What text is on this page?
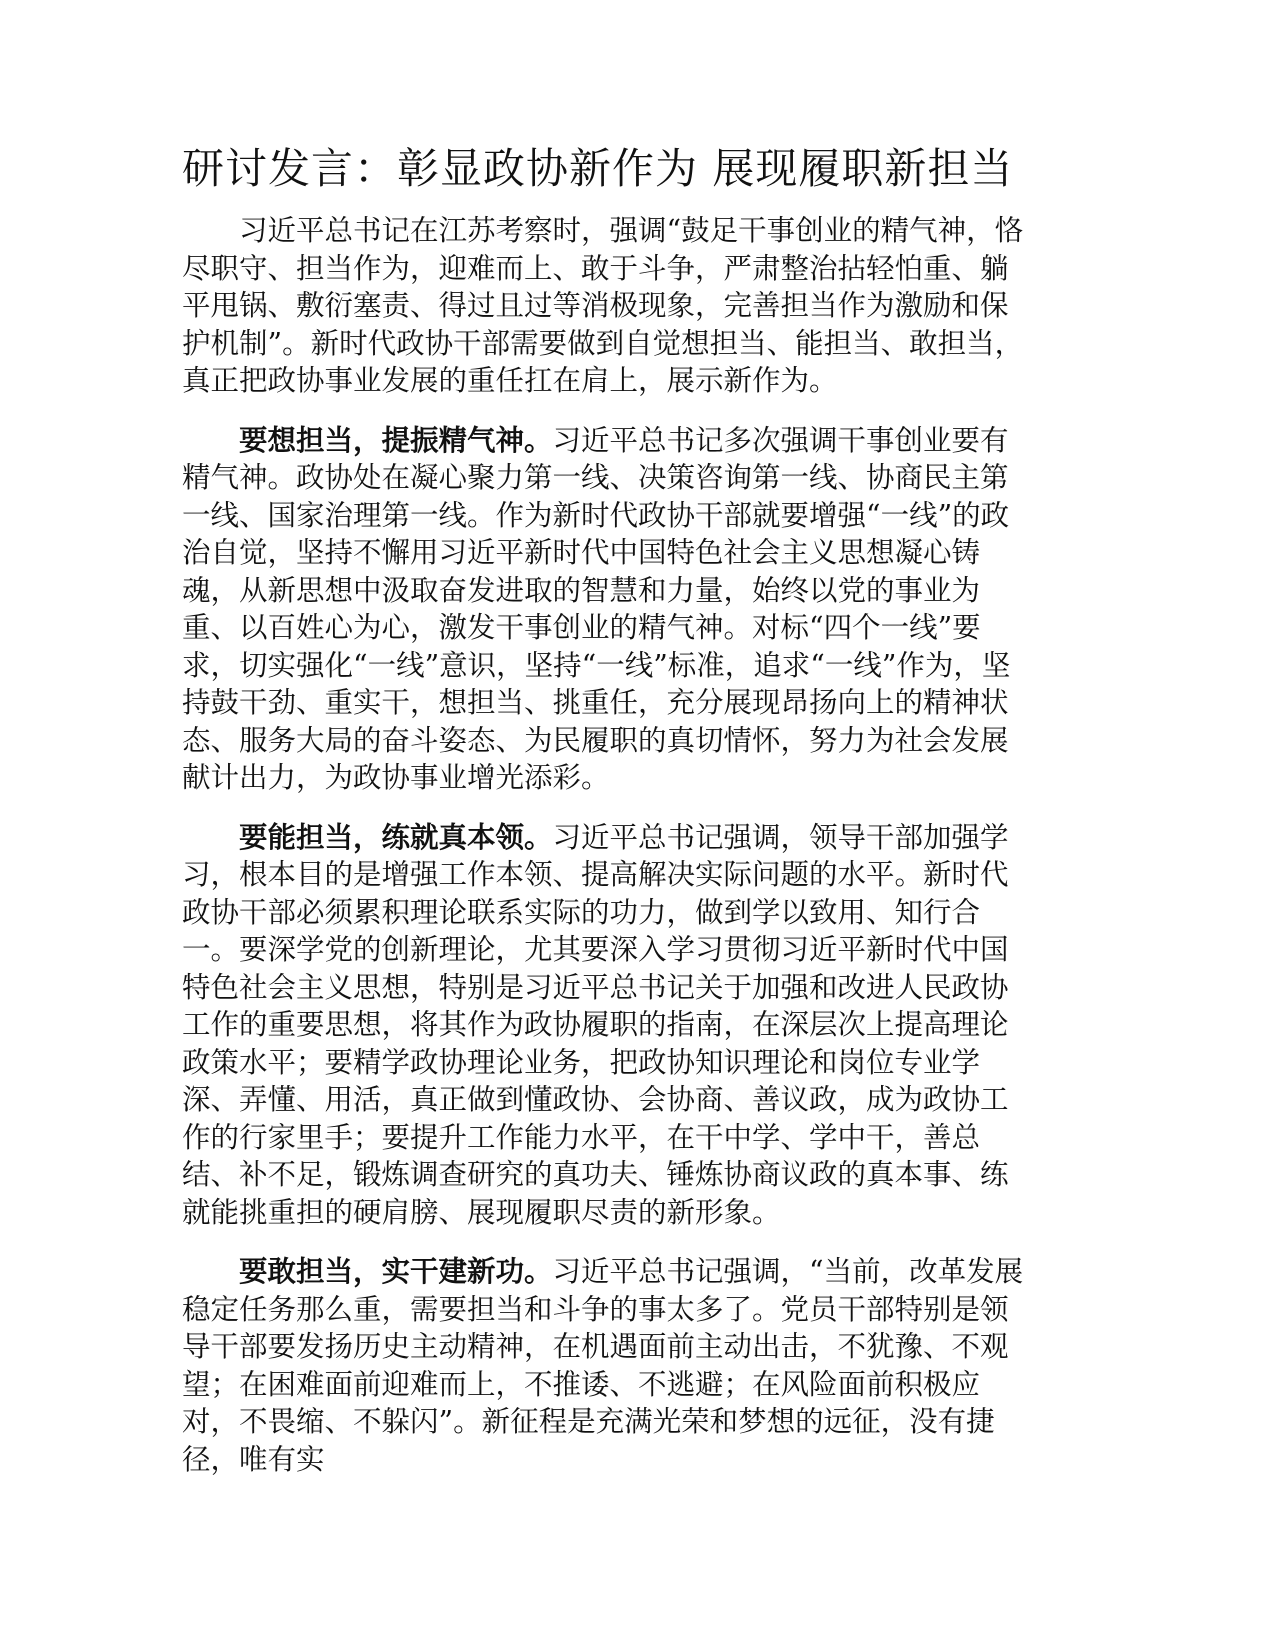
研讨发言：彰显政协新作为 展现履职新担当

习近平总书记在江苏考察时，强调“鼓足干事创业的精气神，恪尽职守、担当作为，迎难而上、敢于斗争，严肃整治拈轻怕重、躺平甩锅、敷衍塞责、得过且过等消极现象，完善担当作为激励和保护机制”。新时代政协干部需要做到自觉想担当、能担当、敢担当，真正把政协事业发展的重任扛在肩上，展示新作为。

要想担当，提振精气神。习近平总书记多次强调干事创业要有精气神。政协处在凝心聚力第一线、决策咨询第一线、协商民主第一线、国家治理第一线。作为新时代政协干部就要增强“一线”的政治自觉，坚持不懈用习近平新时代中国特色社会主义思想凝心铸魂，从新思想中汲取奋发进取的智慧和力量，始终以党的事业为重、以百姓心为心，激发干事创业的精气神。对标“四个一线”要求，切实强化“一线”意识，坚持“一线”标准，追求“一线”作为，坚持鼓干劲、重实干，想担当、挑重任，充分展现昂扬向上的精神状态、服务大局的奋斗姿态、为民履职的真切情怀，努力为社会发展献计出力，为政协事业增光添彩。

要能担当，练就真本领。习近平总书记强调，领导干部加强学习，根本目的是增强工作本领、提高解决实际问题的水平。新时代政协干部必须累积理论联系实际的功力，做到学以致用、知行合一。要深学党的创新理论，尤其要深入学习贯彻习近平新时代中国特色社会主义思想，特别是习近平总书记关于加强和改进人民政协工作的重要思想，将其作为政协履职的指南，在深层次上提高理论政策水平；要精学政协理论业务，把政协知识理论和岗位专业学深、弄懂、用活，真正做到懂政协、会协商、善议政，成为政协工作的行家里手；要提升工作能力水平，在干中学、学中干，善总结、补不足，锻炼调查研究的真功夫、锤炼协商议政的真本事、练就能挑重担的硬肩膀、展现履职尽责的新形象。

要敢担当，实干建新功。习近平总书记强调，“当前，改革发展稳定任务那么重，需要担当和斗争的事太多了。党员干部特别是领导干部要发扬历史主动精神，在机遇面前主动出击，不犹豫、不观望；在困难面前迎难而上，不推诿、不逃避；在风险面前积极应对，不畏缩、不躲闪”。新征程是充满光荣和梦想的远征，没有捷径，唯有实
